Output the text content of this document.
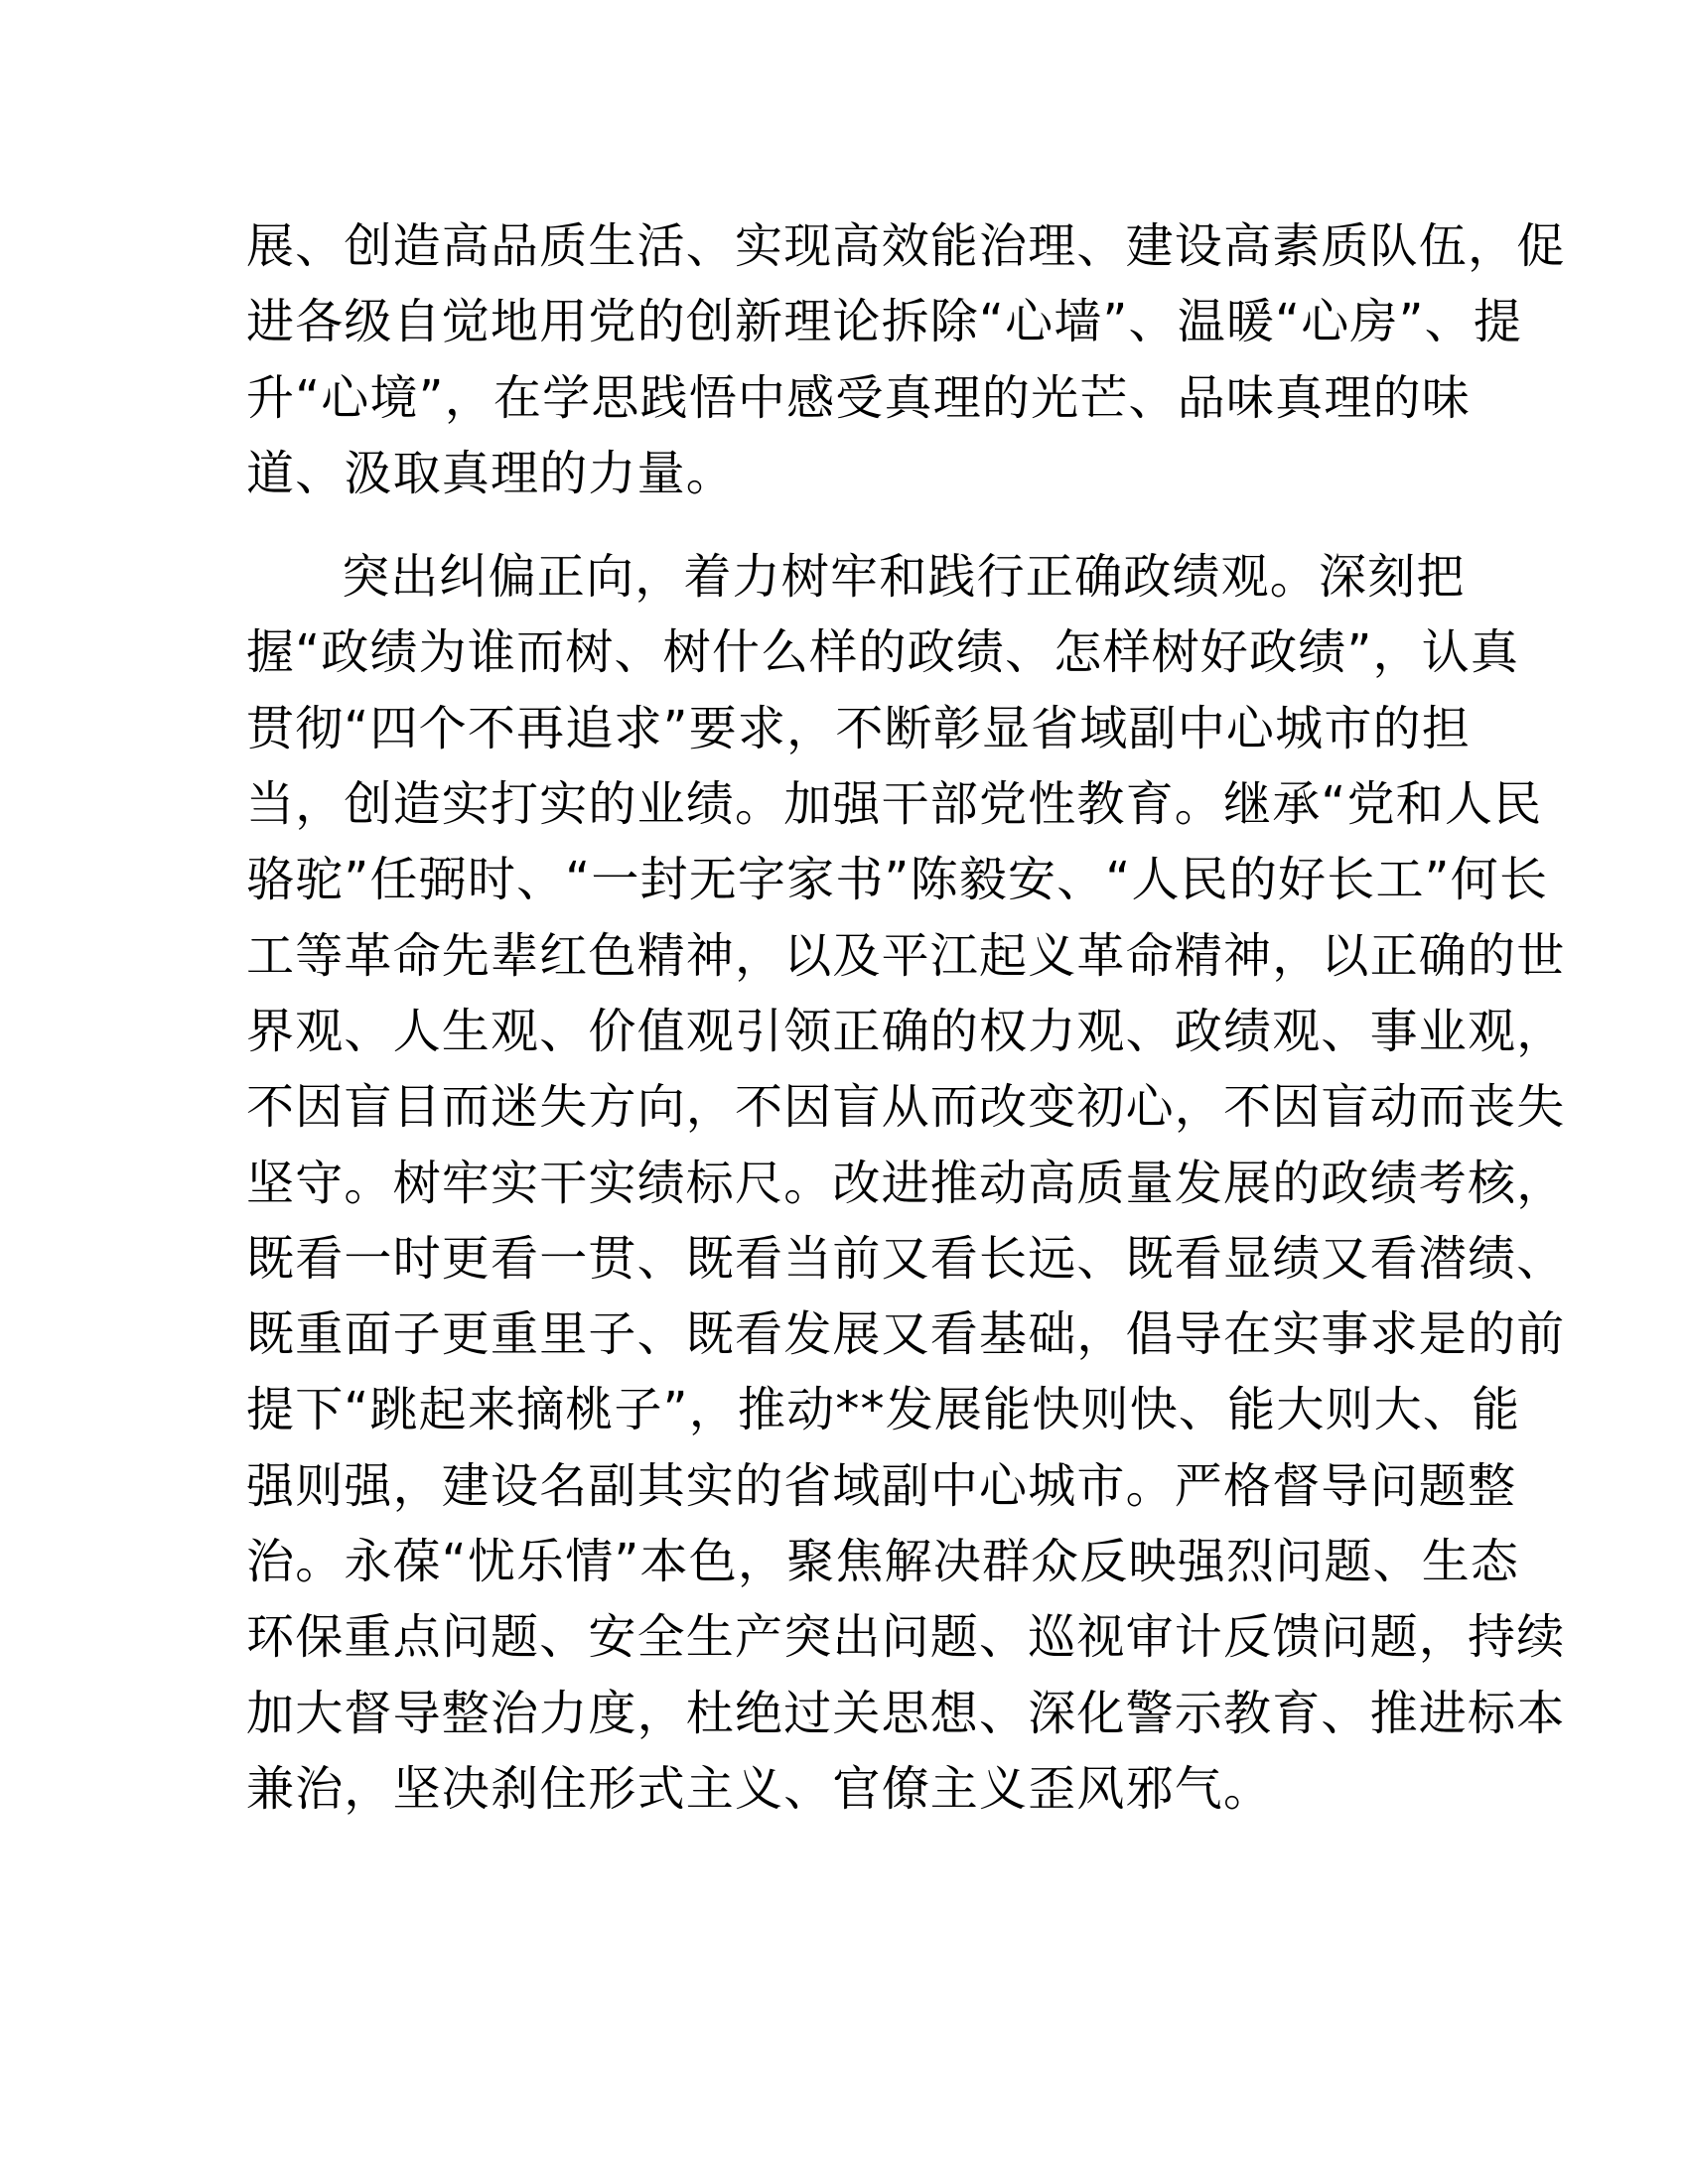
展、创造高品质生活、实现高效能治理、建设高素质队伍，促
进各级自觉地用党的创新理论拆除“心墙”、温暖“心房”、提
升“心境”，在学思践悟中感受真理的光芒、品味真理的味
道、汲取真理的力量。
突出纠偏正向，着力树牢和践行正确政绩观。深刻把
握“政绩为谁而树、树什么样的政绩、怎样树好政绩”，认真
贯彻“四个不再追求”要求，不断彰显省域副中心城市的担
当，创造实打实的业绩。加强干部党性教育。继承“党和人民
骆驼”任弼时、“一封无字家书”陈毅安、“人民的好长工”何长
工等革命先辈红色精神，以及平江起义革命精神，以正确的世
界观、人生观、价值观引领正确的权力观、政绩观、事业观，
不因盲目而迷失方向，不因盲从而改变初心，不因盲动而丧失
坚守。树牢实干实绩标尺。改进推动高质量发展的政绩考核，
既看一时更看一贯、既看当前又看长远、既看显绩又看潜绩、
既重面子更重里子、既看发展又看基础，倡导在实事求是的前
提下“跳起来摘桃子”，推动**发展能快则快、能大则大、能
强则强，建设名副其实的省域副中心城市。严格督导问题整
治。永葆“忧乐情”本色，聚焦解决群众反映强烈问题、生态
环保重点问题、安全生产突出问题、巡视审计反馈问题，持续
加大督导整治力度，杜绝过关思想、深化警示教育、推进标本
兼治，坚决刹住形式主义、官僚主义歪风邪气。
